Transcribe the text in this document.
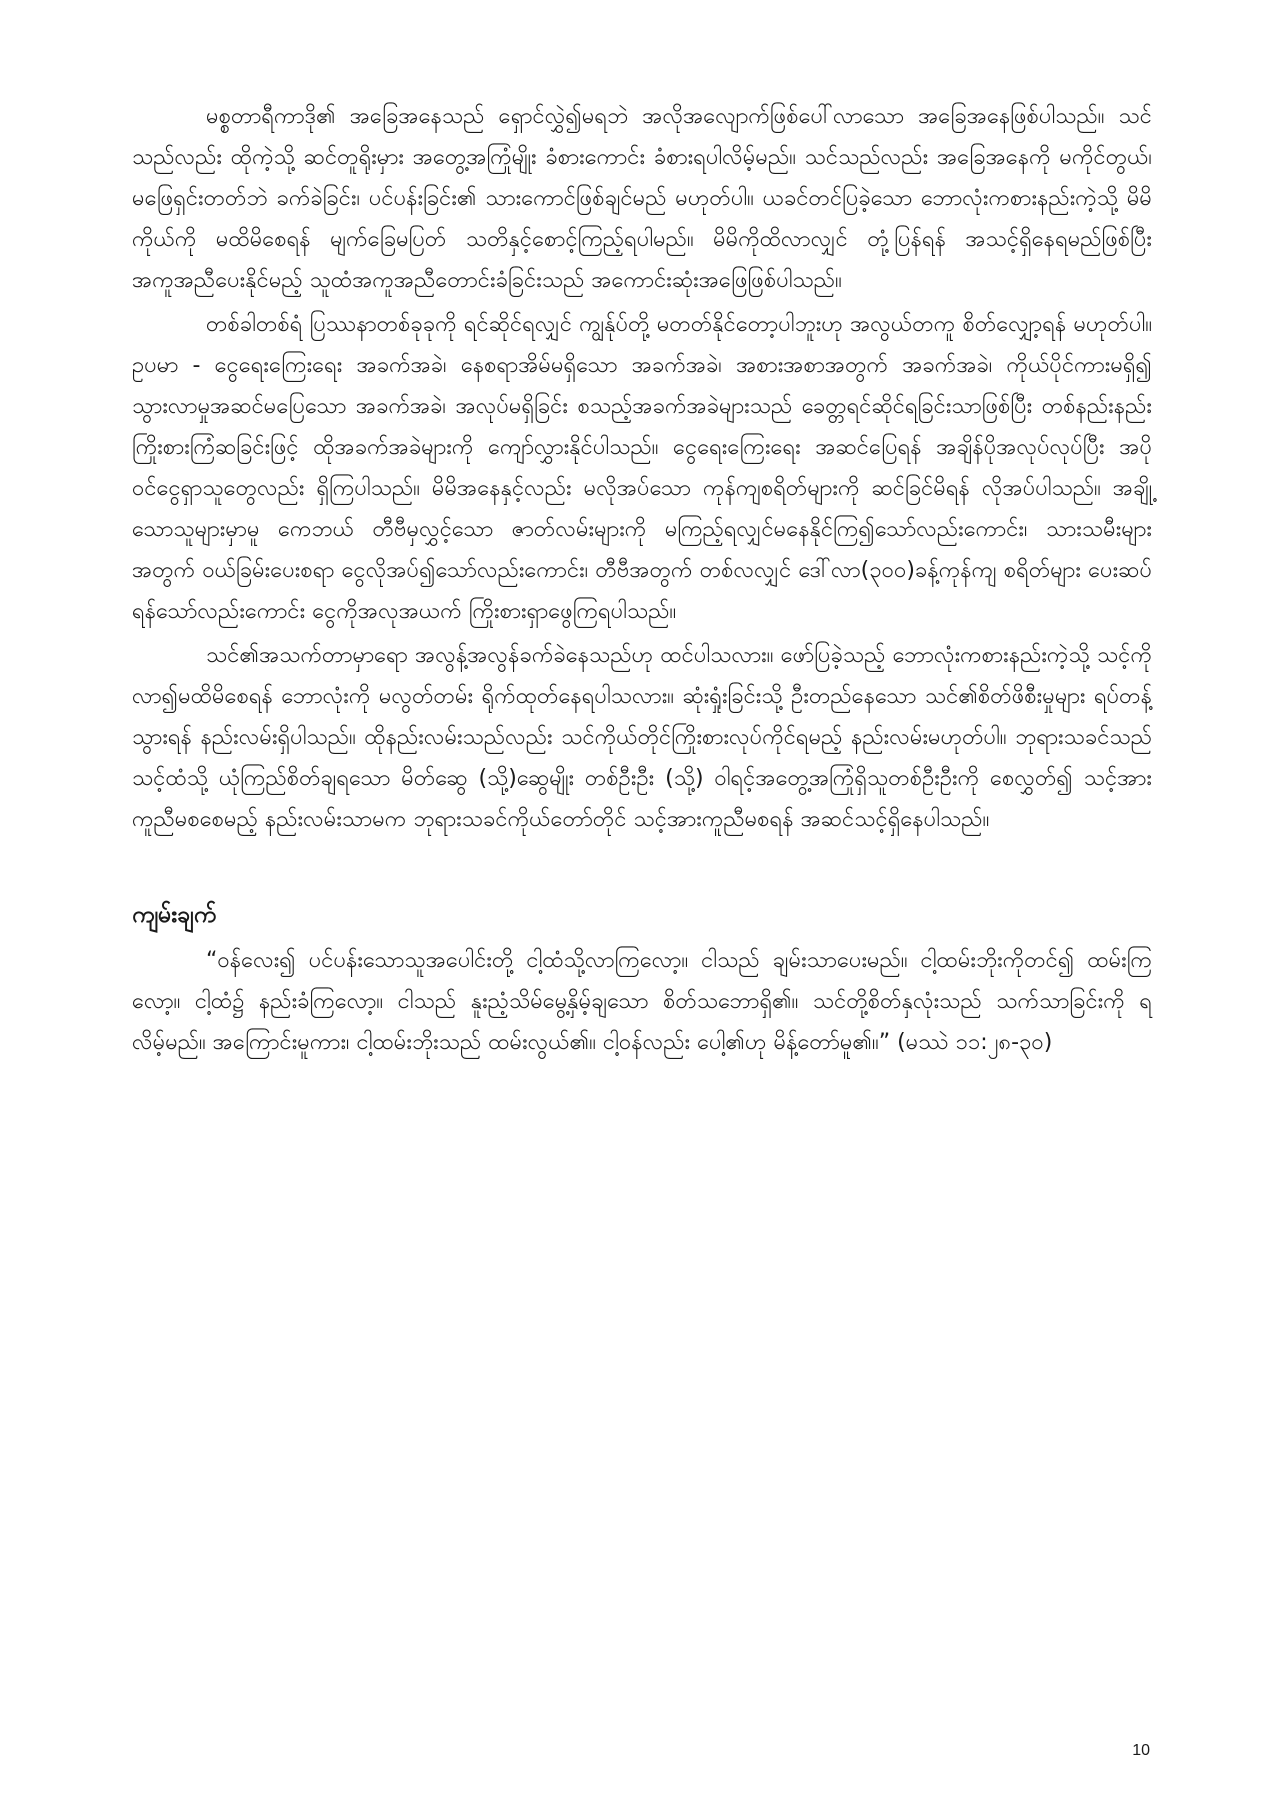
မစ္စတာရီကာဒို၏ အခြေအနေသည် ရှောင်လွှဲ၍မရဘဲ အလိုအလျောက်ဖြစ်ပေါ်လာသော အခြေအနေဖြစ်ပါသည်။ သင်သည်လည်း ထိုကဲ့သို့ ဆင်တူရိုးမှား အတွေ့အကြုံမျိုး ခံစားကောင်း ခံစားရပါလိမ့်မည်။ သင်သည်လည်း အခြေအနေကို မကိုင်တွယ်၊ မဖြေရှင်းတတ်ဘဲ ခက်ခဲခြင်း၊ ပင်ပန်းခြင်း၏ သားကောင်ဖြစ်ချင်မည် မဟုတ်ပါ။ ယခင်တင်ပြခဲ့သော ဘောလုံးကစားနည်းကဲ့သို့ မိမိကိုယ်ကို မထိမိစေရန် မျက်ခြေမပြတ် သတိနှင့်စောင့်ကြည့်ရပါမည်။ မိမိကိုထိလာလျှင် တုံ့ပြန်ရန် အသင့်ရှိနေရမည်ဖြစ်ပြီး အကူအညီပေးနိုင်မည့် သူထံအကူအညီတောင်းခံခြင်းသည် အကောင်းဆုံးအဖြေဖြစ်ပါသည်။

တစ်ခါတစ်ရံ ပြဿနာတစ်ခုခုကို ရင်ဆိုင်ရလျှင် ကျွန်ုပ်တို့ မတတ်နိုင်တော့ပါဘူးဟု အလွယ်တကူ စိတ်လျှော့ရန် မဟုတ်ပါ။ ဥပမာ - ငွေရေးကြေးရေး အခက်အခဲ၊ နေစရာအိမ်မရှိသော အခက်အခဲ၊ အစားအစာအတွက် အခက်အခဲ၊ ကိုယ်ပိုင်ကားမရှိ၍ သွားလာမှုအဆင်မပြေသော အခက်အခဲ၊ အလုပ်မရှိခြင်း စသည့်အခက်အခဲများသည် ခေတ္တရင်ဆိုင်ရခြင်းသာဖြစ်ပြီး တစ်နည်းနည်းကြိုးစားကြံဆခြင်းဖြင့် ထိုအခက်အခဲများကို ကျော်လွှားနိုင်ပါသည်။ ငွေရေးကြေးရေး အဆင်ပြေရန် အချိန်ပိုအလုပ်လုပ်ပြီး အပိုဝင်ငွေရှာသူတွေလည်း ရှိကြပါသည်။ မိမိအနေနှင့်လည်း မလိုအပ်သော ကုန်ကျစရိတ်များကို ဆင်ခြင်မိရန် လိုအပ်ပါသည်။ အချို့သောသူများမှာမူ ကေဘယ် တီဗီမှလွှင့်သော ဇာတ်လမ်းများကို မကြည့်ရလျှင်မနေနိုင်ကြ၍သော်လည်းကောင်း၊ သားသမီးများအတွက် ဝယ်ခြမ်းပေးစရာ ငွေလိုအပ်၍သော်လည်းကောင်း၊ တီဗီအတွက် တစ်လလျှင် ဒေါ်လာ(၃၀၀)ခန့်ကုန်ကျ စရိတ်များ ပေးဆပ်ရန်သော်လည်းကောင်း ငွေကိုအလုအယက် ကြိုးစားရှာဖွေကြရပါသည်။

သင်၏အသက်တာမှာရော အလွန့်အလွန်ခက်ခဲနေသည်ဟု ထင်ပါသလား။ ဖော်ပြခဲ့သည့် ဘောလုံးကစားနည်းကဲ့သို့ သင့်ကိုလာ၍မထိမိစေရန် ဘောလုံးကို မလွတ်တမ်း ရိုက်ထုတ်နေရပါသလား။ ဆုံးရှုံးခြင်းသို့ ဦးတည်နေသော သင်၏စိတ်ဖိစီးမှုများ ရပ်တန့်သွားရန် နည်းလမ်းရှိပါသည်။ ထိုနည်းလမ်းသည်လည်း သင်ကိုယ်တိုင်ကြိုးစားလုပ်ကိုင်ရမည့် နည်းလမ်းမဟုတ်ပါ။ ဘုရားသခင်သည် သင့်ထံသို့ ယုံကြည်စိတ်ချရသော မိတ်ဆွေ (သို့)ဆွေမျိုး တစ်ဦးဦး (သို့) ဝါရင့်အတွေ့အကြုံရှိသူတစ်ဦးဦးကို စေလွှတ်၍ သင့်အားကူညီမစစေမည့် နည်းလမ်းသာမက ဘုရားသခင်ကိုယ်တော်တိုင် သင့်အားကူညီမစရန် အဆင်သင့်ရှိနေပါသည်။

ကျမ်းချက်

“ဝန်လေး၍ ပင်ပန်းသောသူအပေါင်းတို့ ငါ့ထံသို့လာကြလော့။ ငါသည် ချမ်းသာပေးမည်။ ငါ့ထမ်းဘိုးကိုတင်၍ ထမ်းကြလော့။ ငါ့ထံ၌ နည်းခံကြလော့။ ငါသည် နူးညံ့သိမ်မွေ့နှိမ့်ချသော စိတ်သဘောရှိ၏။ သင်တို့စိတ်နှလုံးသည် သက်သာခြင်းကို ရလိမ့်မည်။ အကြောင်းမူကား၊ ငါ့ထမ်းဘိုးသည် ထမ်းလွယ်၏။ ငါ့ဝန်လည်း ပေါ့၏ဟု မိန့်တော်မူ၏။” (မဿဲ ၁၁:၂၈-၃၀)

10
